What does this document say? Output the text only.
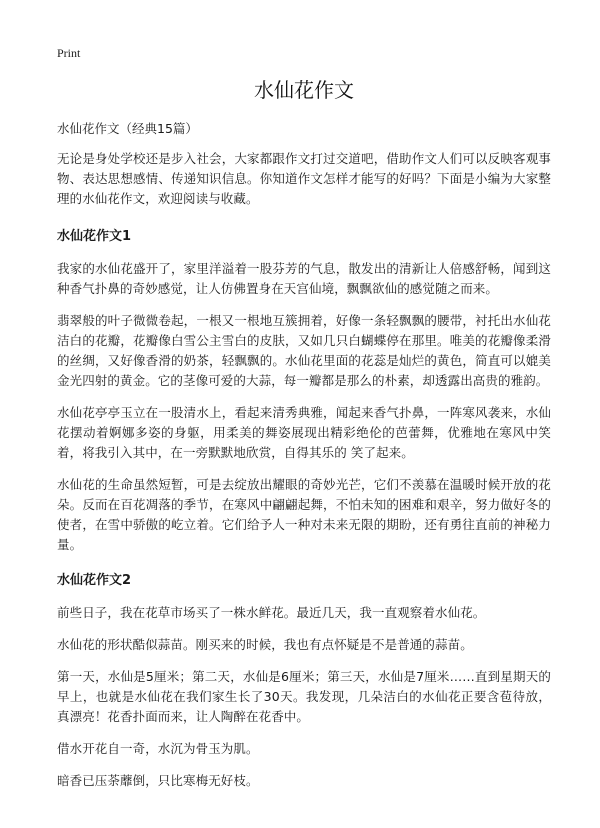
Print
水仙花作文

水仙花作文（经典15篇）

无论是身处学校还是步入社会，大家都跟作文打过交道吧，借助作文人们可以反映客观事物、表达思想感情、传递知识信息。你知道作文怎样才能写的好吗？下面是小编为大家整理的水仙花作文，欢迎阅读与收藏。

水仙花作文1

我家的水仙花盛开了，家里洋溢着一股芬芳的气息，散发出的清新让人倍感舒畅，闻到这种香气扑鼻的奇妙感觉，让人仿佛置身在天宫仙境，飘飘欲仙的感觉随之而来。

翡翠般的叶子微微卷起，一根又一根地互簇拥着，好像一条轻飘飘的腰带，衬托出水仙花洁白的花瓣，花瓣像白雪公主雪白的皮肤，又如几只白蝴蝶停在那里。唯美的花瓣像柔滑的丝绸，又好像香滑的奶茶，轻飘飘的。水仙花里面的花蕊是灿烂的黄色，简直可以媲美金光四射的黄金。它的茎像可爱的大蒜，每一瓣都是那么的朴素，却透露出高贵的雅韵。

水仙花亭亭玉立在一股清水上，看起来清秀典雅，闻起来香气扑鼻，一阵寒风袭来，水仙花摆动着婀娜多姿的身躯，用柔美的舞姿展现出精彩绝伦的芭蕾舞，优雅地在寒风中笑着，将我引入其中，在一旁默默地欣赏，自得其乐的 笑了起来。

水仙花的生命虽然短暂，可是去绽放出耀眼的奇妙光芒，它们不羡慕在温暖时候开放的花朵。反而在百花凋落的季节，在寒风中翩翩起舞，不怕未知的困难和艰辛，努力做好冬的使者，在雪中骄傲的屹立着。它们给予人一种对未来无限的期盼，还有勇往直前的神秘力量。

水仙花作文2

前些日子，我在花草市场买了一株水鲜花。最近几天，我一直观察着水仙花。

水仙花的形状酷似蒜苗。刚买来的时候，我也有点怀疑是不是普通的蒜苗。

第一天，水仙是5厘米；第二天，水仙是6厘米；第三天，水仙是7厘米……直到星期天的早上，也就是水仙花在我们家生长了30天。我发现，几朵洁白的水仙花正要含苞待放，真漂亮！花香扑面而来，让人陶醉在花香中。

借水开花自一奇，水沉为骨玉为肌。

暗香已压荼蘼倒，只比寒梅无好枝。
